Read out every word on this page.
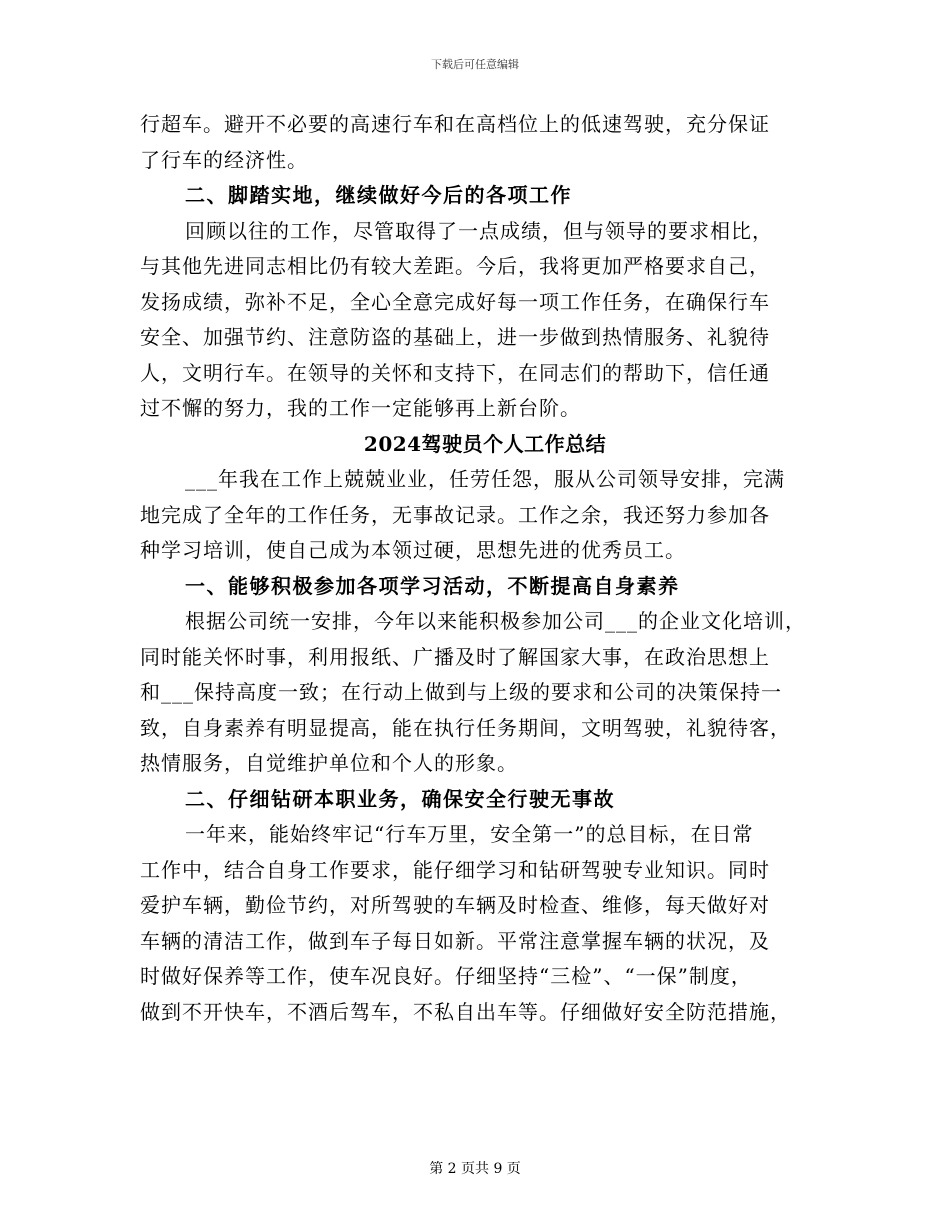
下载后可任意编辑
行超车。避开不必要的高速行车和在高档位上的低速驾驶，充分保证
了行车的经济性。
二、脚踏实地，继续做好今后的各项工作
回顾以往的工作，尽管取得了一点成绩，但与领导的要求相比，
与其他先进同志相比仍有较大差距。今后，我将更加严格要求自己，
发扬成绩，弥补不足，全心全意完成好每一项工作任务，在确保行车
安全、加强节约、注意防盗的基础上，进一步做到热情服务、礼貌待
人，文明行车。在领导的关怀和支持下，在同志们的帮助下，信任通
过不懈的努力，我的工作一定能够再上新台阶。
2024驾驶员个人工作总结
___年我在工作上兢兢业业，任劳任怨，服从公司领导安排，完满
地完成了全年的工作任务，无事故记录。工作之余，我还努力参加各
种学习培训，使自己成为本领过硬，思想先进的优秀员工。
一、能够积极参加各项学习活动，不断提高自身素养
根据公司统一安排，今年以来能积极参加公司___的企业文化培训，
同时能关怀时事，利用报纸、广播及时了解国家大事，在政治思想上
和___保持高度一致；在行动上做到与上级的要求和公司的决策保持一
致，自身素养有明显提高，能在执行任务期间，文明驾驶，礼貌待客，
热情服务，自觉维护单位和个人的形象。
二、仔细钻研本职业务，确保安全行驶无事故
一年来，能始终牢记“行车万里，安全第一”的总目标，在日常
工作中，结合自身工作要求，能仔细学习和钻研驾驶专业知识。同时
爱护车辆，勤俭节约，对所驾驶的车辆及时检查、维修，每天做好对
车辆的清洁工作，做到车子每日如新。平常注意掌握车辆的状况，及
时做好保养等工作，使车况良好。仔细坚持“三检”、“一保”制度，
做到不开快车，不酒后驾车，不私自出车等。仔细做好安全防范措施，
第 2 页共 9 页
